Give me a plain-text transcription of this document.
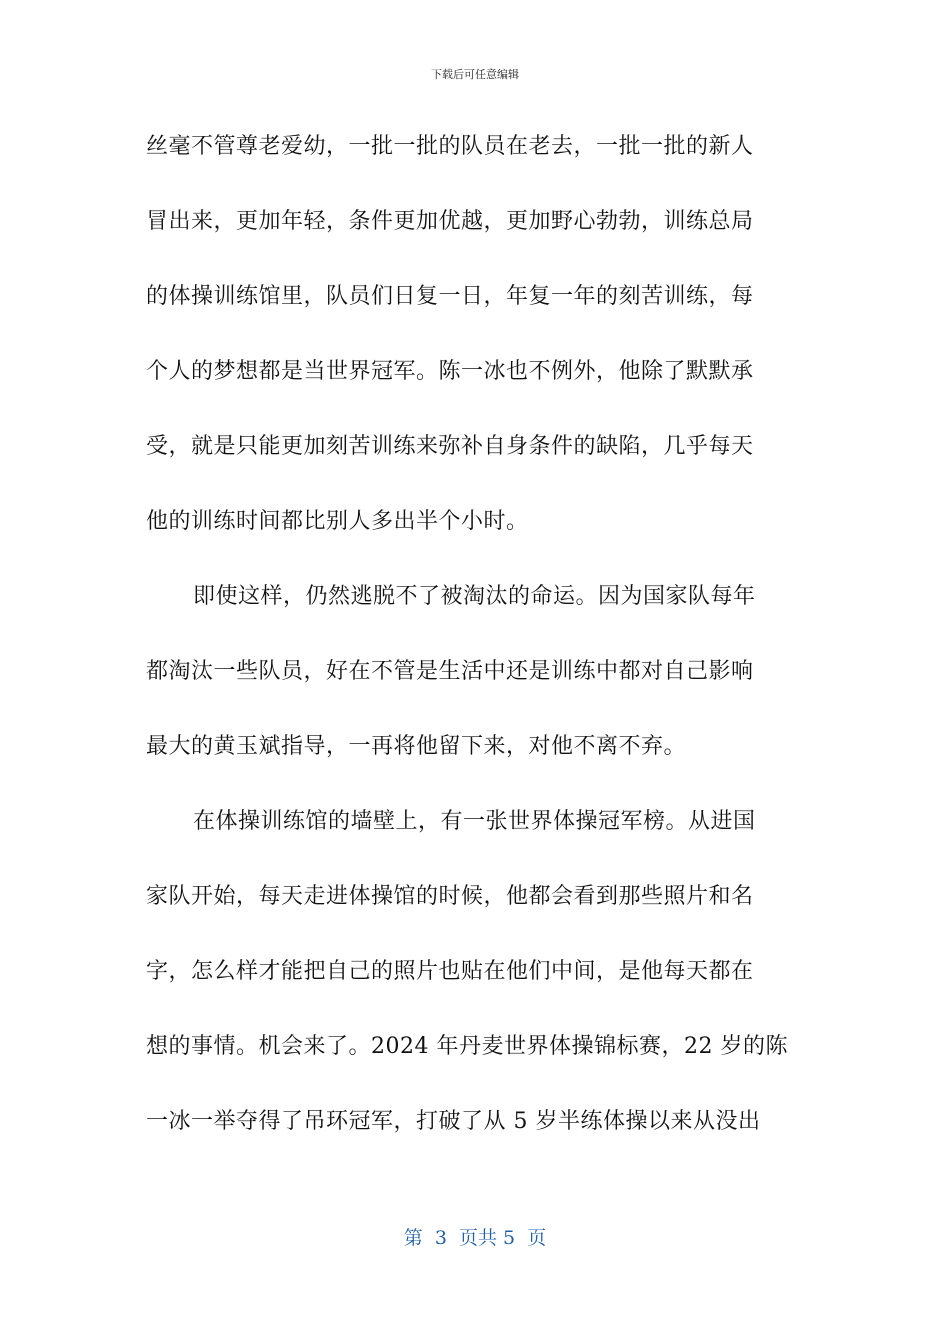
下载后可任意编辑
丝毫不管尊老爱幼，一批一批的队员在老去，一批一批的新人
冒出来，更加年轻，条件更加优越，更加野心勃勃，训练总局
的体操训练馆里，队员们日复一日，年复一年的刻苦训练，每
个人的梦想都是当世界冠军。陈一冰也不例外，他除了默默承
受，就是只能更加刻苦训练来弥补自身条件的缺陷，几乎每天
他的训练时间都比别人多出半个小时。
即使这样，仍然逃脱不了被淘汰的命运。因为国家队每年
都淘汰一些队员，好在不管是生活中还是训练中都对自己影响
最大的黄玉斌指导，一再将他留下来，对他不离不弃。
在体操训练馆的墙壁上，有一张世界体操冠军榜。从进国
家队开始，每天走进体操馆的时候，他都会看到那些照片和名
字，怎么样才能把自己的照片也贴在他们中间，是他每天都在
想的事情。机会来了。2024 年丹麦世界体操锦标赛，22 岁的陈
一冰一举夺得了吊环冠军，打破了从 5 岁半练体操以来从没出
第  3  页共 5  页
